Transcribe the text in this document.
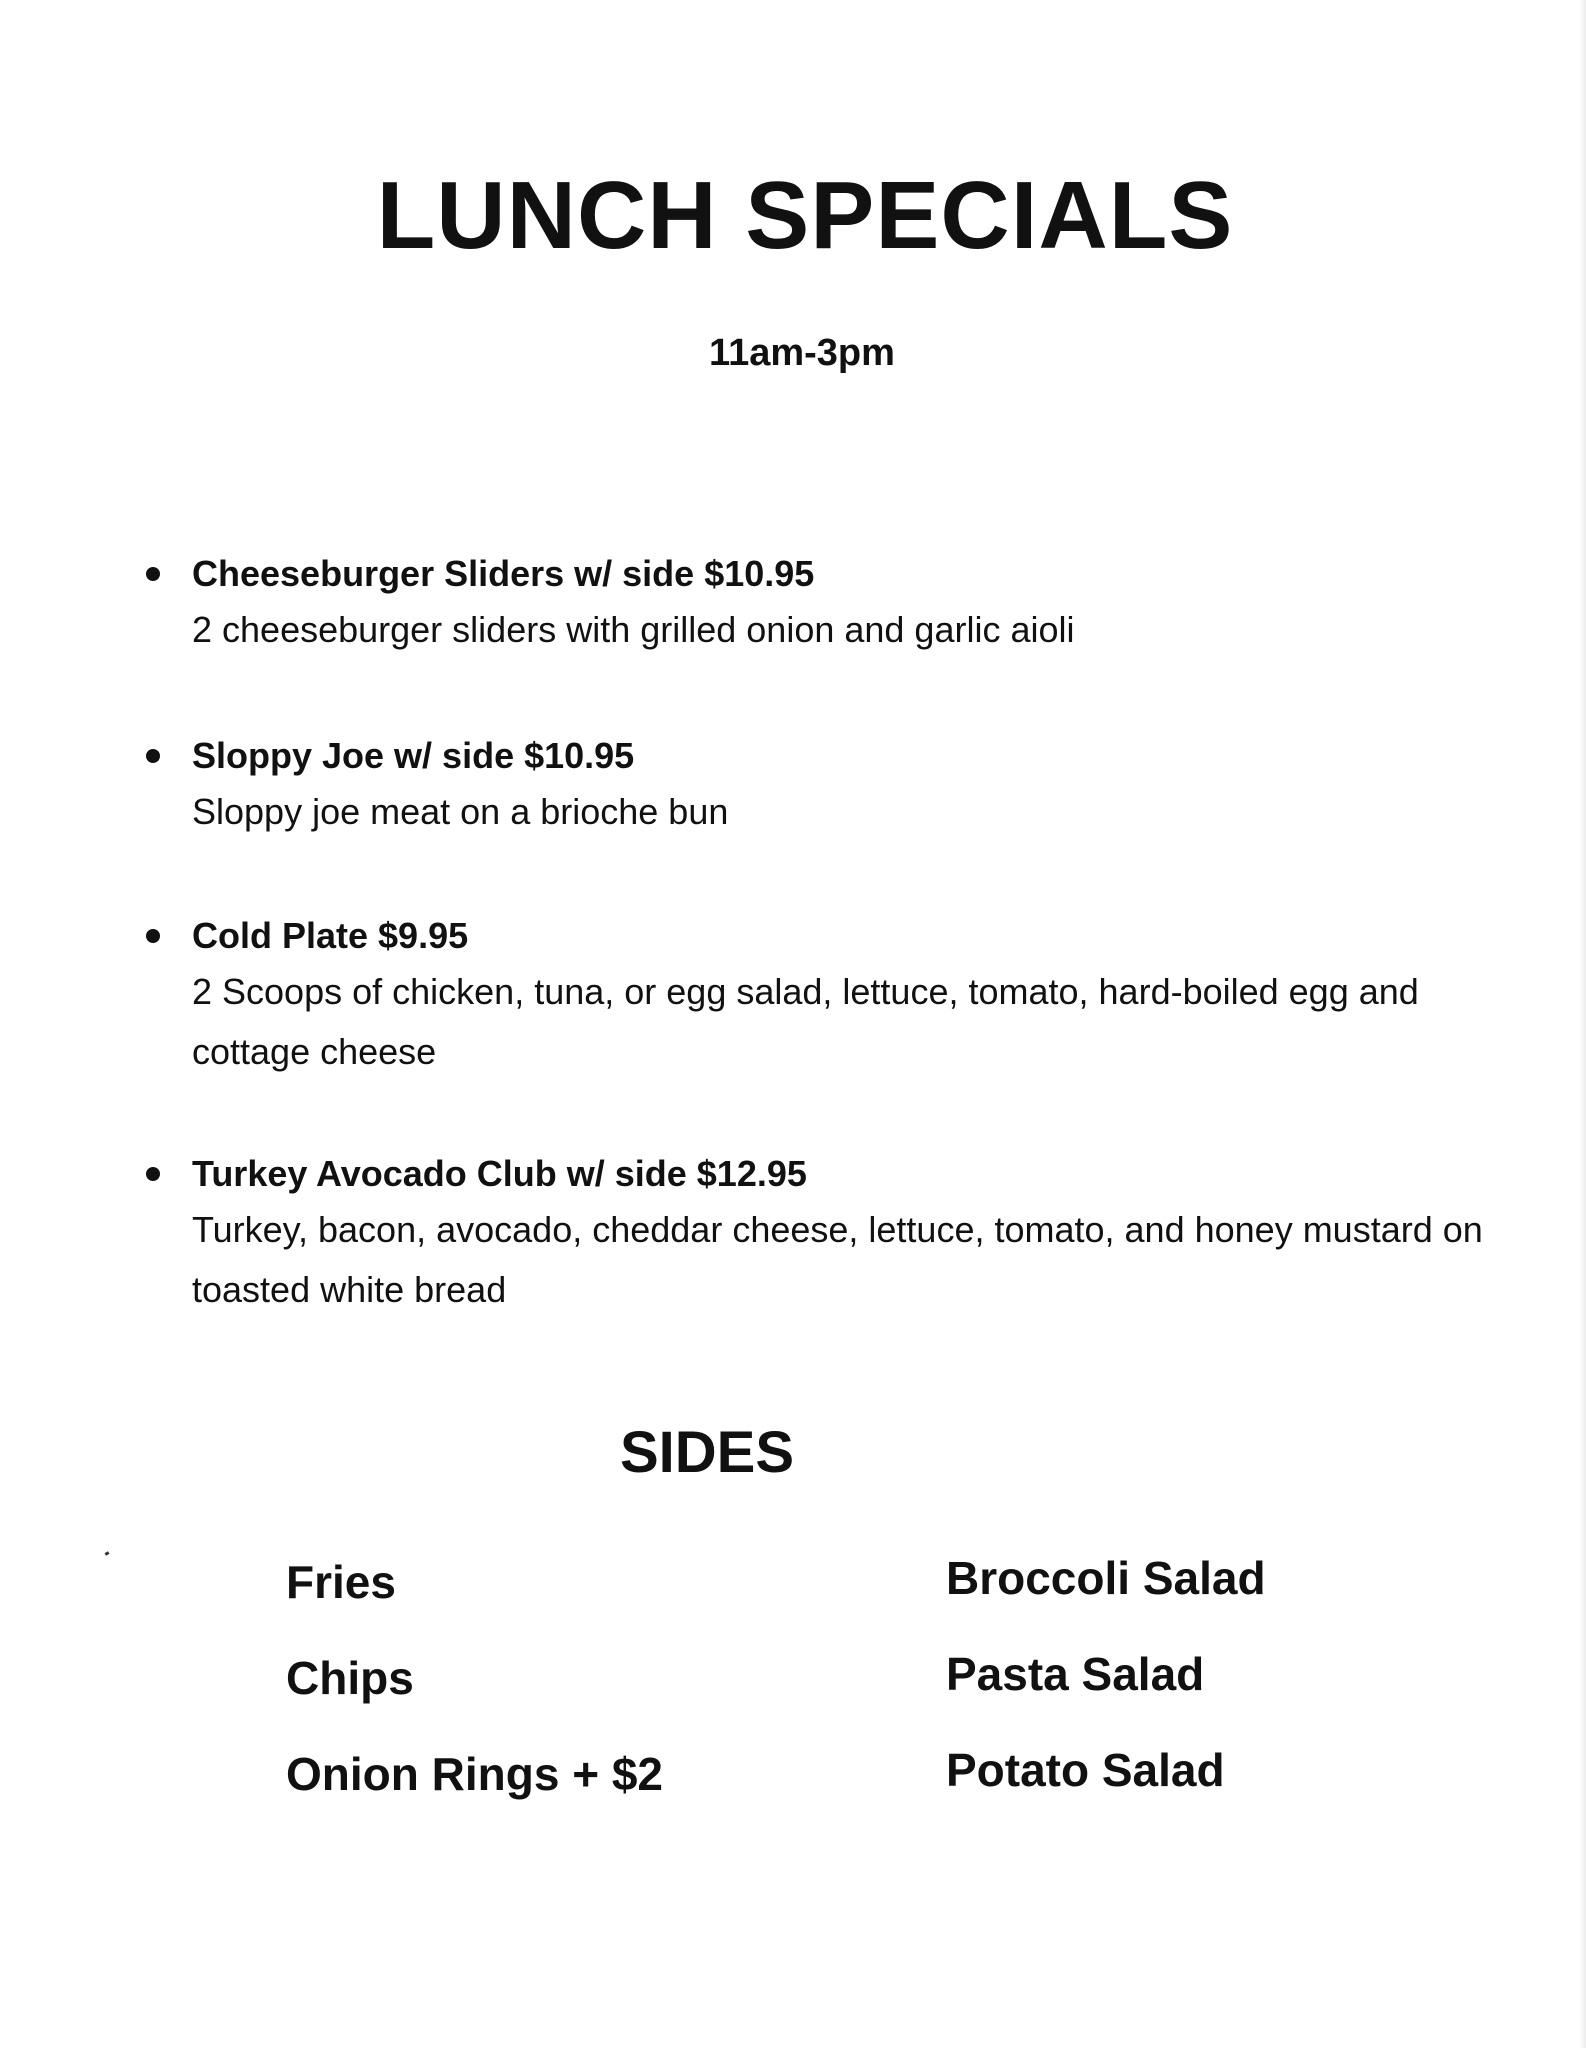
LUNCH SPECIALS
11am-3pm
Cheeseburger Sliders w/ side $10.95
2 cheeseburger sliders with grilled onion and garlic aioli
Sloppy Joe w/ side $10.95
Sloppy joe meat on a brioche bun
Cold Plate $9.95
2 Scoops of chicken, tuna, or egg salad, lettuce, tomato, hard-boiled egg and cottage cheese
Turkey Avocado Club w/ side $12.95
Turkey, bacon, avocado, cheddar cheese, lettuce, tomato, and honey mustard on toasted white bread
SIDES
Fries
Chips
Onion Rings + $2
Broccoli Salad
Pasta Salad
Potato Salad
